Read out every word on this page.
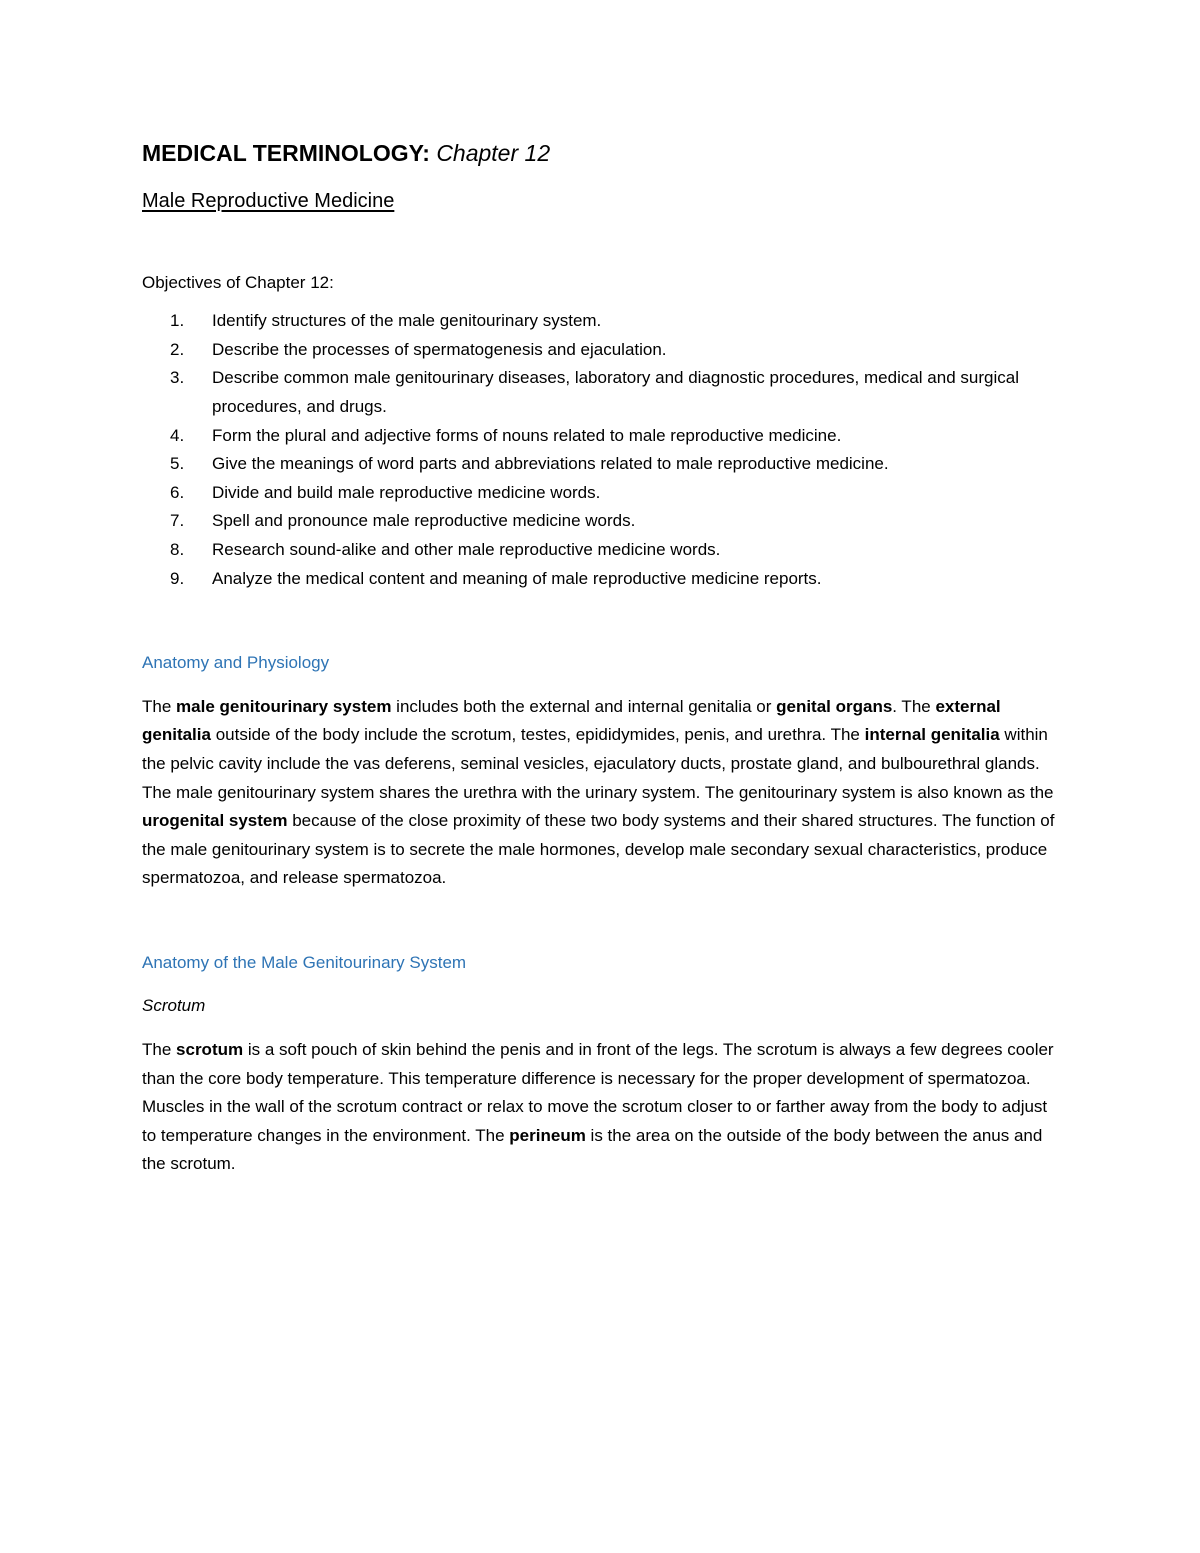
MEDICAL TERMINOLOGY: Chapter 12
Male Reproductive Medicine
Objectives of Chapter 12:
1.	Identify structures of the male genitourinary system.
2.	Describe the processes of spermatogenesis and ejaculation.
3.	Describe common male genitourinary diseases, laboratory and diagnostic procedures, medical and surgical procedures, and drugs.
4.	Form the plural and adjective forms of nouns related to male reproductive medicine.
5.	Give the meanings of word parts and abbreviations related to male reproductive medicine.
6.	Divide and build male reproductive medicine words.
7.	Spell and pronounce male reproductive medicine words.
8.	Research sound-alike and other male reproductive medicine words.
9.	Analyze the medical content and meaning of male reproductive medicine reports.
Anatomy and Physiology

The male genitourinary system includes both the external and internal genitalia or genital organs. The external genitalia outside of the body include the scrotum, testes, epididymides, penis, and urethra. The internal genitalia within the pelvic cavity include the vas deferens, seminal vesicles, ejaculatory ducts, prostate gland, and bulbourethral glands. The male genitourinary system shares the urethra with the urinary system. The genitourinary system is also known as the urogenital system because of the close proximity of these two body systems and their shared structures. The function of the male genitourinary system is to secrete the male hormones, develop male secondary sexual characteristics, produce spermatozoa, and release spermatozoa.

Anatomy of the Male Genitourinary System
Scrotum

The scrotum is a soft pouch of skin behind the penis and in front of the legs. The scrotum is always a few degrees cooler than the core body temperature. This temperature difference is necessary for the proper development of spermatozoa. Muscles in the wall of the scrotum contract or relax to move the scrotum closer to or farther away from the body to adjust to temperature changes in the environment. The perineum is the area on the outside of the body between the anus and the scrotum.
